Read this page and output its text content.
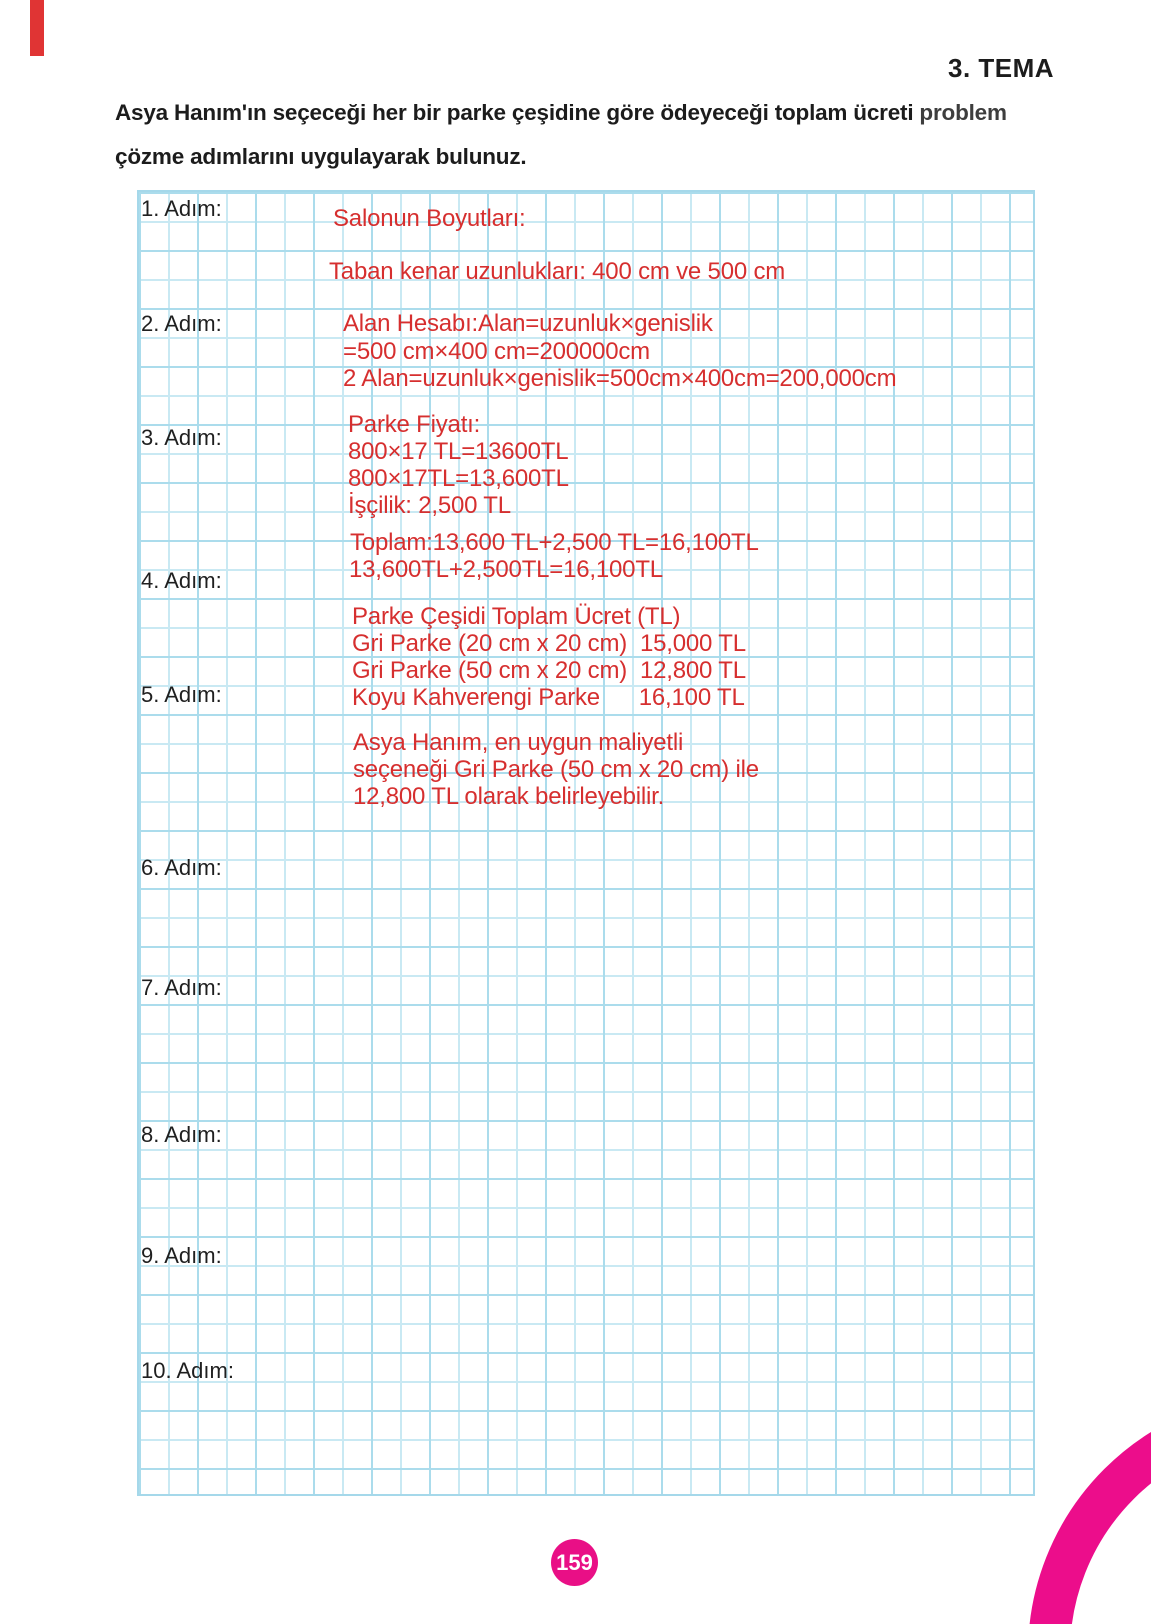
3. TEMA
Asya Hanım'ın seçeceği her bir parke çeşidine göre ödeyeceği toplam ücreti problem
çözme adımlarını uygulayarak bulunuz.
1. Adım:
2. Adım:
3. Adım:
4. Adım:
5. Adım:
6. Adım:
7. Adım:
8. Adım:
9. Adım:
10. Adım:
Salonun Boyutları:
Taban kenar uzunlukları: 400 cm ve 500 cm
Alan Hesabı:Alan=uzunluk×genislik
=500 cm×400 cm=200000cm
2 Alan=uzunluk×genislik=500cm×400cm=200,000cm
Parke Fiyatı:
800×17 TL=13600TL
800×17TL=13,600TL
İşçilik: 2,500 TL
Toplam:13,600 TL+2,500 TL=16,100TL
13,600TL+2,500TL=16,100TL
Parke Çeşidi Toplam Ücret (TL)
Gri Parke (20 cm x 20 cm)  15,000 TL
Gri Parke (50 cm x 20 cm)  12,800 TL
Koyu Kahverengi Parke      16,100 TL
Asya Hanım, en uygun maliyetli
seçeneği Gri Parke (50 cm x 20 cm) ile
12,800 TL olarak belirleyebilir.
159
